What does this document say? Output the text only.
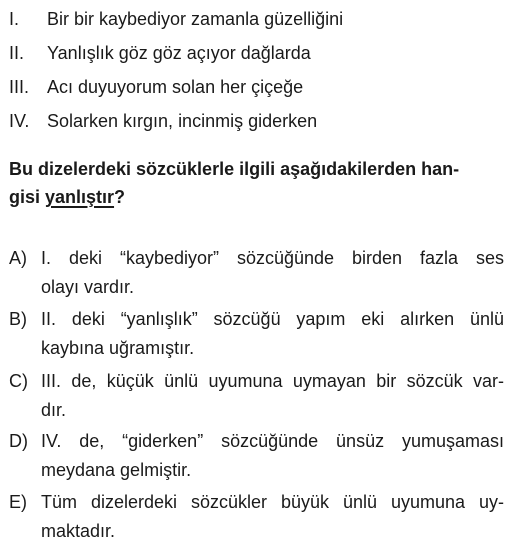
I. Bir bir kaybediyor zamanla güzelliğini
II. Yanlışlık göz göz açıyor dağlarda
III. Acı duyuyorum solan her çiçeğe
IV. Solarken kırgın, incinmiş giderken
Bu dizelerdeki sözcüklerle ilgili aşağıdakilerden han-
gisi yanlıştır?
A) I. deki “kaybediyor” sözcüğünde birden fazla ses
olayı vardır.
B) II. deki “yanlışlık” sözcüğü yapım eki alırken ünlü
kaybına uğramıştır.
C) III. de, küçük ünlü uyumuna uymayan bir sözcük var-
dır.
D) IV. de, “giderken” sözcüğünde ünsüz yumuşaması
meydana gelmiştir.
E) Tüm dizelerdeki sözcükler büyük ünlü uyumuna uy-
maktadır.
